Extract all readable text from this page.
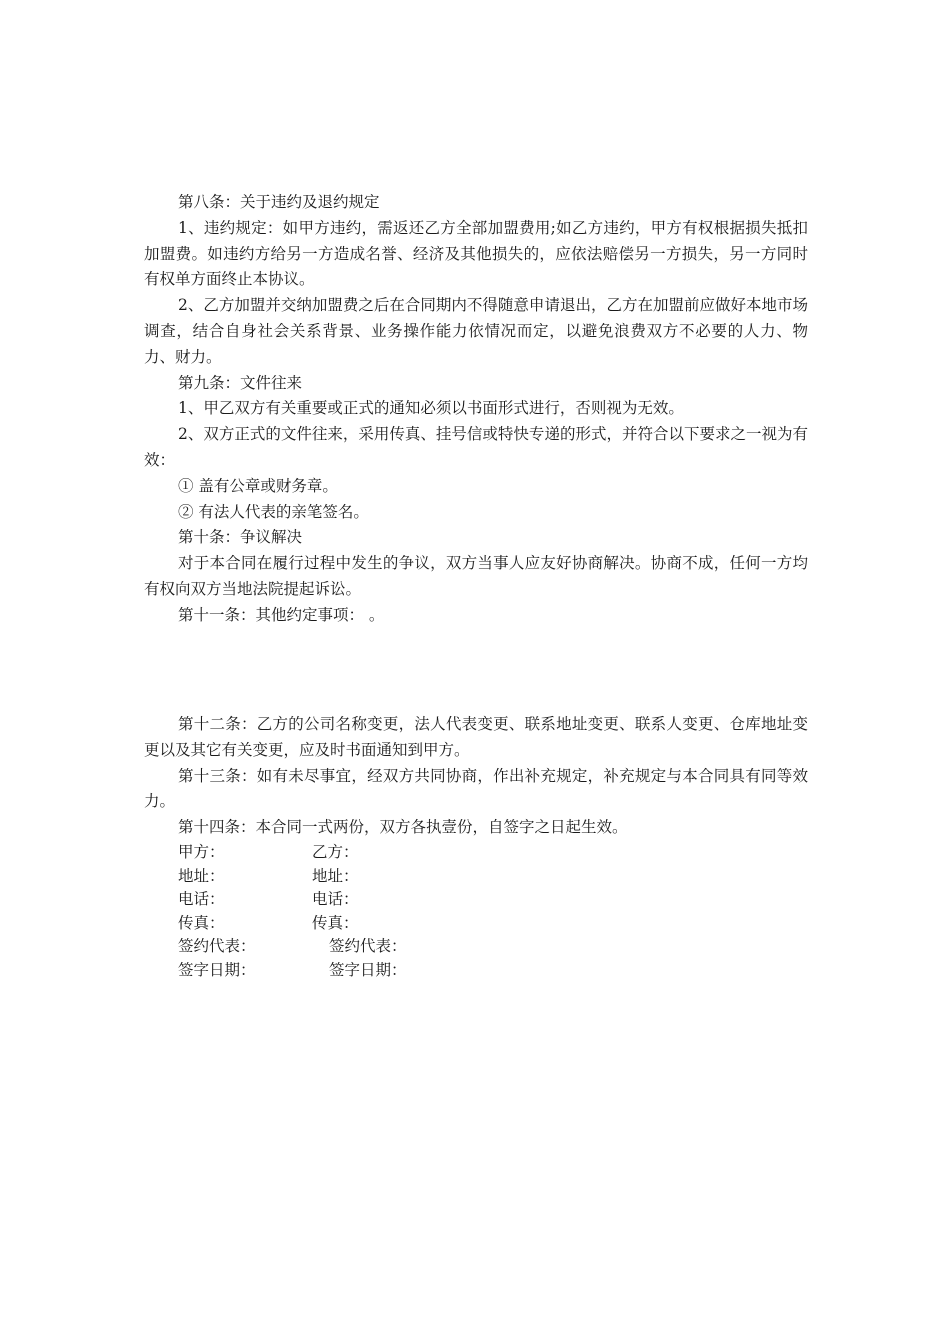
第八条：关于违约及退约规定

1、违约规定：如甲方违约，需返还乙方全部加盟费用;如乙方违约，甲方有权根据损失抵扣加盟费。如违约方给另一方造成名誉、经济及其他损失的，应依法赔偿另一方损失，另一方同时有权单方面终止本协议。

2、乙方加盟并交纳加盟费之后在合同期内不得随意申请退出，乙方在加盟前应做好本地市场调查，结合自身社会关系背景、业务操作能力依情况而定，以避免浪费双方不必要的人力、物力、财力。

第九条：文件往来

1、甲乙双方有关重要或正式的通知必须以书面形式进行，否则视为无效。

2、双方正式的文件往来，采用传真、挂号信或特快专递的形式，并符合以下要求之一视为有效：

① 盖有公章或财务章。

② 有法人代表的亲笔签名。

第十条：争议解决

对于本合同在履行过程中发生的争议，双方当事人应友好协商解决。协商不成，任何一方均有权向双方当地法院提起诉讼。

第十一条：其他约定事项： 。

第十二条：乙方的公司名称变更，法人代表变更、联系地址变更、联系人变更、仓库地址变更以及其它有关变更，应及时书面通知到甲方。

第十三条：如有未尽事宜，经双方共同协商，作出补充规定，补充规定与本合同具有同等效力。

第十四条：本合同一式两份，双方各执壹份，自签字之日起生效。

甲方：	乙方：
地址：	地址：
电话：	电话：
传真：	传真：
签约代表：	签约代表：
签字日期：	签字日期：
